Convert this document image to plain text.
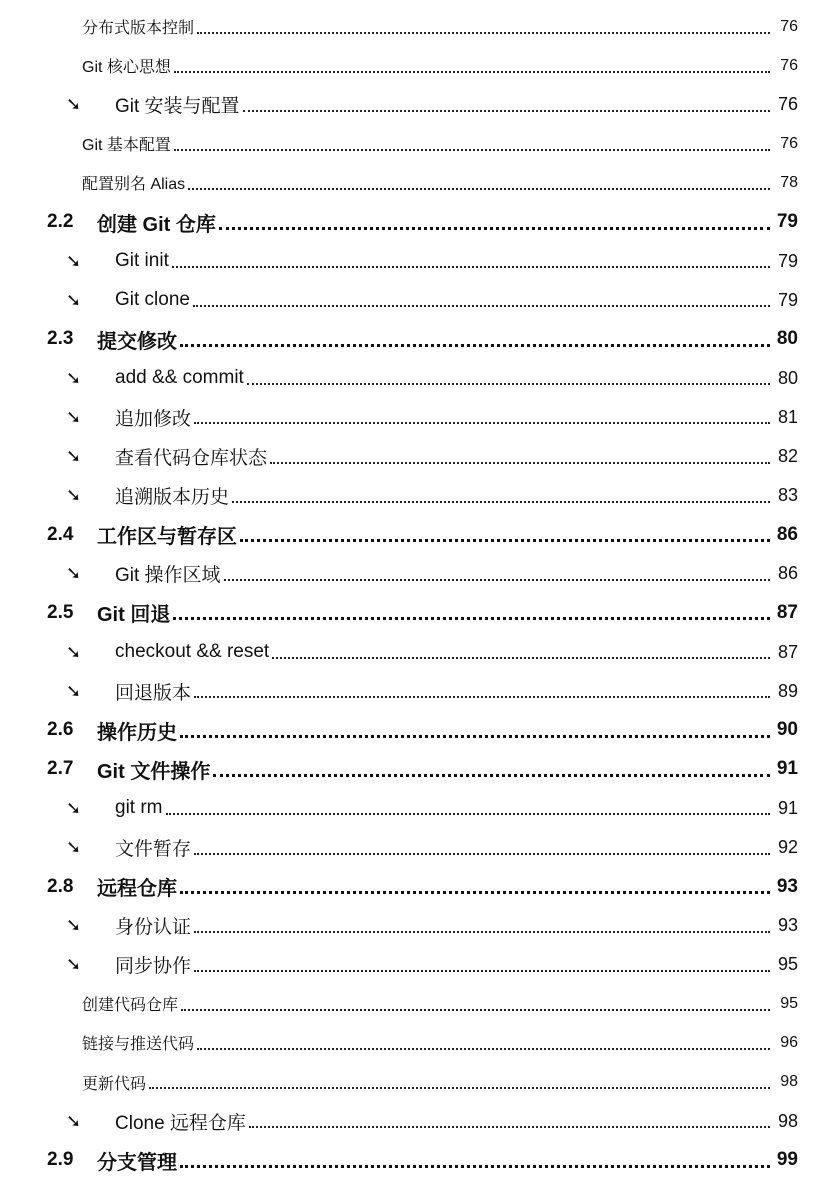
分布式版本控制	76
Git 核心思想	76
➘	Git 安装与配置	76
Git 基本配置	76
配置别名 Alias	78
2.2	创建 Git 仓库	79
➘	Git init	79
➘	Git clone	79
2.3	提交修改	80
➘	add && commit	80
➘	追加修改	81
➘	查看代码仓库状态	82
➘	追溯版本历史	83
2.4	工作区与暂存区	86
➘	Git 操作区域	86
2.5	Git 回退	87
➘	checkout && reset	87
➘	回退版本	89
2.6	操作历史	90
2.7	Git 文件操作	91
➘	git rm	91
➘	文件暂存	92
2.8	远程仓库	93
➘	身份认证	93
➘	同步协作	95
创建代码仓库	95
链接与推送代码	96
更新代码	98
➘	Clone 远程仓库	98
2.9	分支管理	99
